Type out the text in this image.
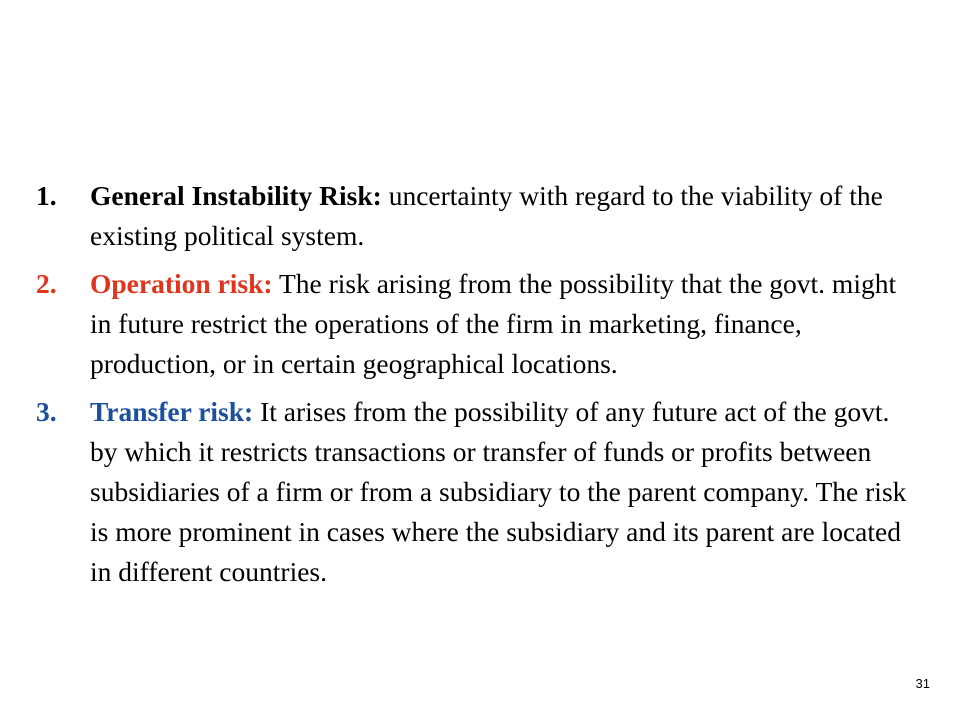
1. General Instability Risk: uncertainty with regard to the viability of the existing political system.
2. Operation risk: The risk arising from the possibility that the govt. might in future restrict the operations of the firm in marketing, finance, production, or in certain geographical locations.
3. Transfer risk: It arises from the possibility of any future act of the govt. by which it restricts transactions or transfer of funds or profits between subsidiaries of a firm or from a subsidiary to the parent company. The risk is more prominent in cases where the subsidiary and its parent are located in different countries.
31
